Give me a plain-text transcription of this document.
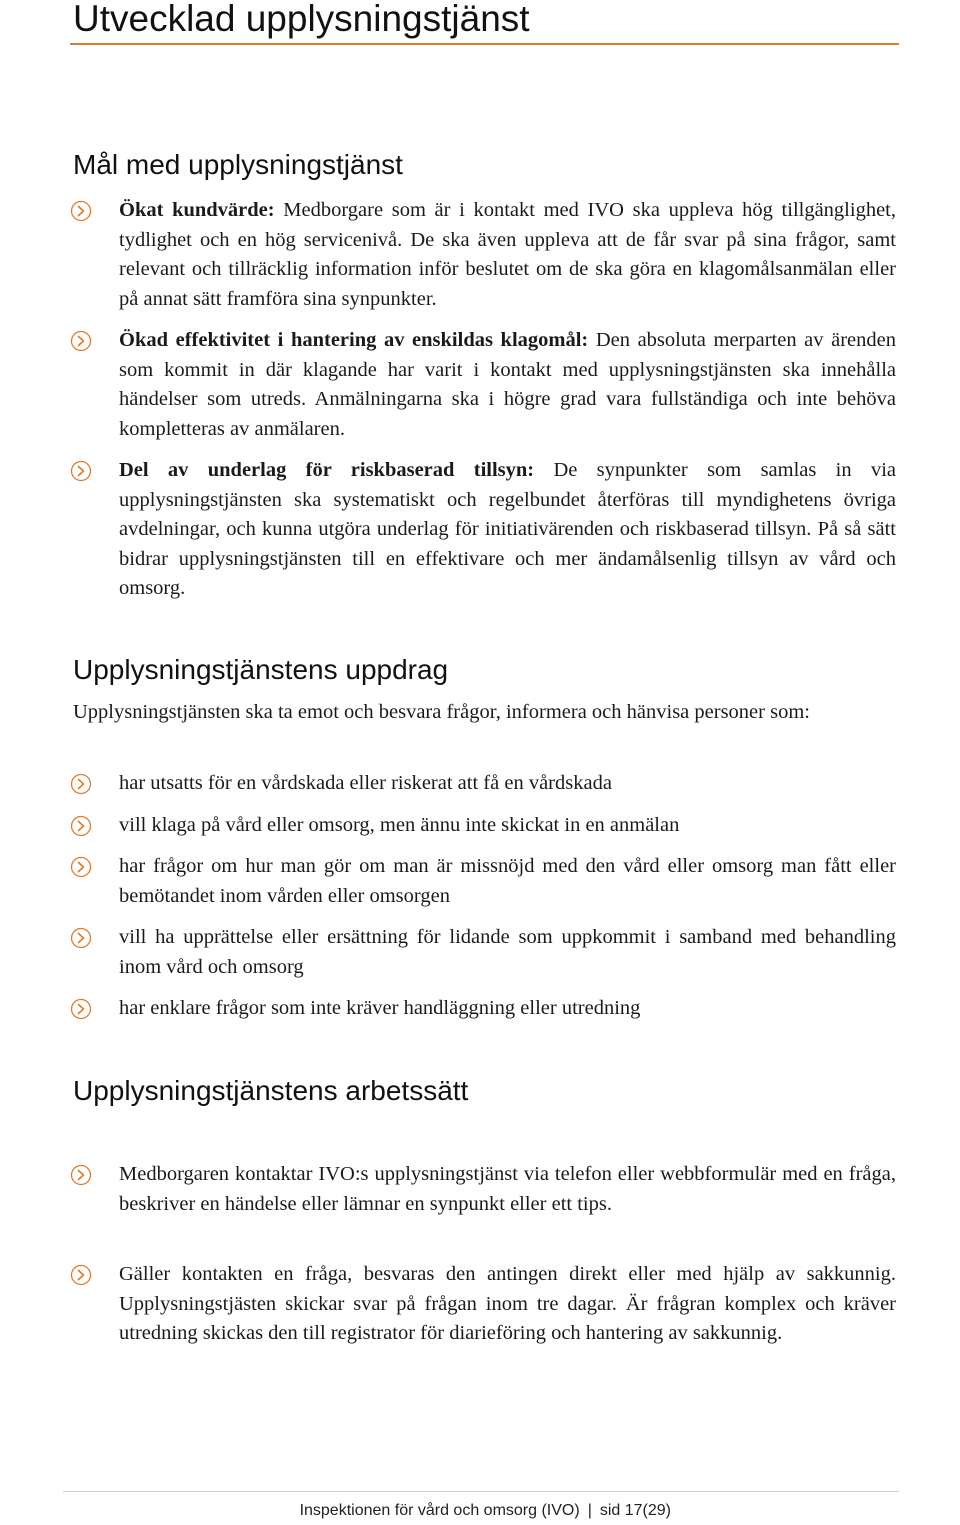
Utvecklad upplysningstjänst
Mål med upplysningstjänst
Ökat kundvärde: Medborgare som är i kontakt med IVO ska uppleva hög tillgänglighet, tydlighet och en hög servicenivå. De ska även uppleva att de får svar på sina frågor, samt relevant och tillräcklig information inför beslutet om de ska göra en klagomålsanmälan eller på annat sätt framföra sina synpunkter.
Ökad effektivitet i hantering av enskildas klagomål: Den absoluta merparten av ärenden som kommit in där klagande har varit i kontakt med upplysningstjänsten ska innehålla händelser som utreds. Anmälningarna ska i högre grad vara fullständiga och inte behöva kompletteras av anmälaren.
Del av underlag för riskbaserad tillsyn: De synpunkter som samlas in via upplysningstjänsten ska systematiskt och regelbundet återföras till myndighetens övriga avdelningar, och kunna utgöra underlag för initiativärenden och riskbaserad tillsyn. På så sätt bidrar upplysningstjänsten till en effektivare och mer ändamålsenlig tillsyn av vård och omsorg.
Upplysningstjänstens uppdrag
Upplysningstjänsten ska ta emot och besvara frågor, informera och hänvisa personer som:
har utsatts för en vårdskada eller riskerat att få en vårdskada
vill klaga på vård eller omsorg, men ännu inte skickat in en anmälan
har frågor om hur man gör om man är missnöjd med den vård eller omsorg man fått eller bemötandet inom vården eller omsorgen
vill ha upprättelse eller ersättning för lidande som uppkommit i samband med behandling inom vård och omsorg
har enklare frågor som inte kräver handläggning eller utredning
Upplysningstjänstens arbetssätt
Medborgaren kontaktar IVO:s upplysningstjänst via telefon eller webbformulär med en fråga, beskriver en händelse eller lämnar en synpunkt eller ett tips.
Gäller kontakten en fråga, besvaras den antingen direkt eller med hjälp av sakkunnig. Upplysningstjästen skickar svar på frågan inom tre dagar. Är frågran komplex och kräver utredning skickas den till registrator för diarieföring och hantering av sakkunnig.
Inspektionen för vård och omsorg (IVO) | sid 17(29)
